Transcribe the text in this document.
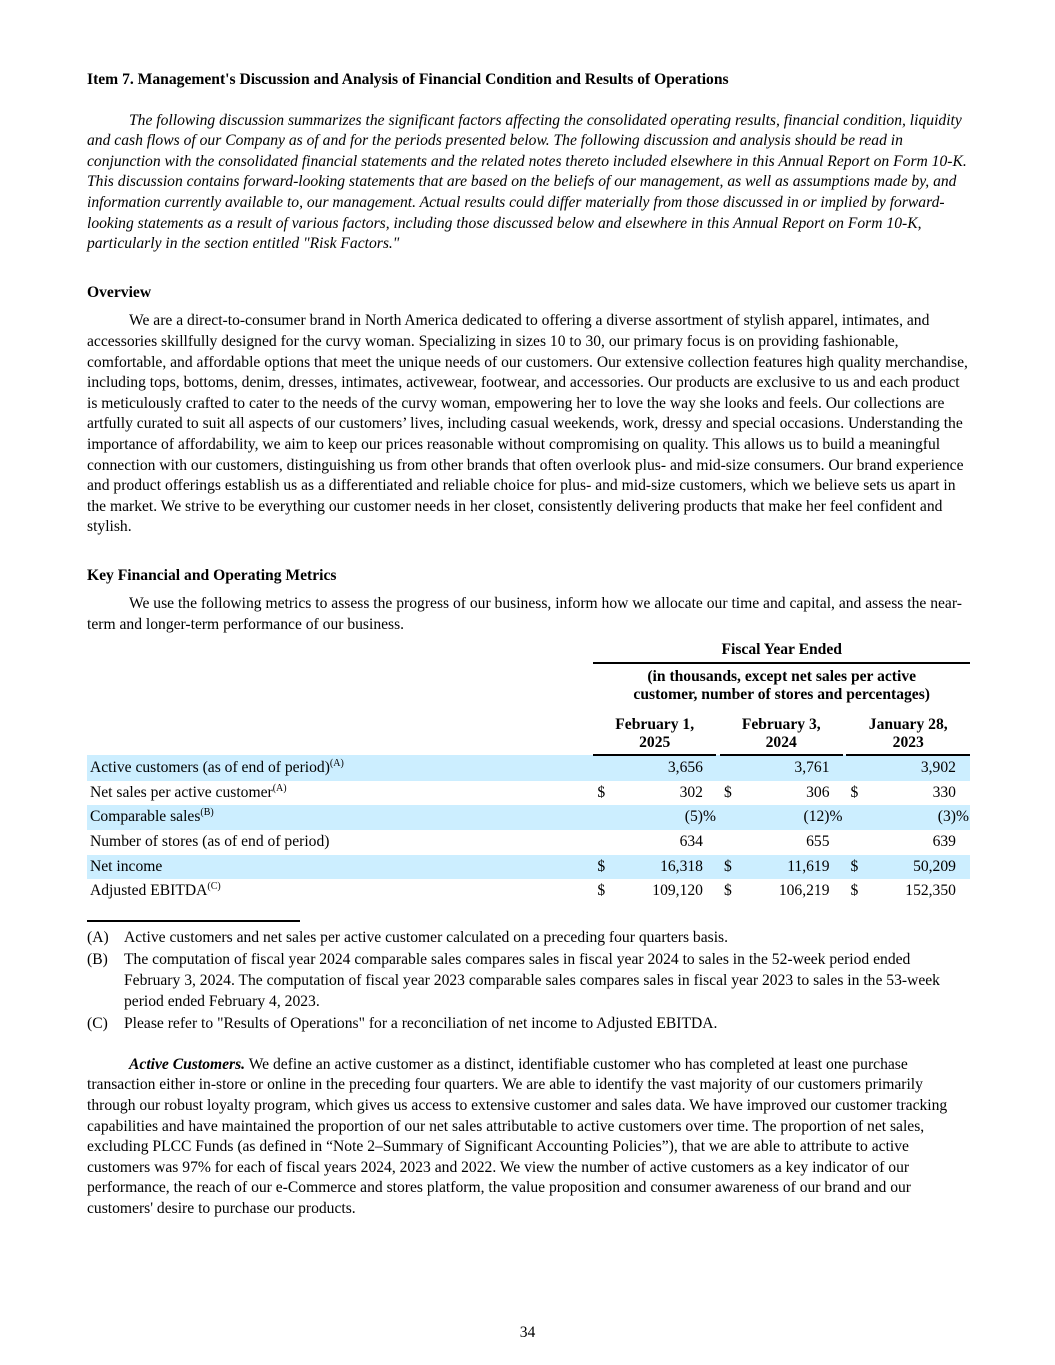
Item 7. Management's Discussion and Analysis of Financial Condition and Results of Operations

The following discussion summarizes the significant factors affecting the consolidated operating results, financial condition, liquidity and cash flows of our Company as of and for the periods presented below. The following discussion and analysis should be read in conjunction with the consolidated financial statements and the related notes thereto included elsewhere in this Annual Report on Form 10-K. This discussion contains forward-looking statements that are based on the beliefs of our management, as well as assumptions made by, and information currently available to, our management. Actual results could differ materially from those discussed in or implied by forward-looking statements as a result of various factors, including those discussed below and elsewhere in this Annual Report on Form 10-K, particularly in the section entitled "Risk Factors."

Overview

We are a direct-to-consumer brand in North America dedicated to offering a diverse assortment of stylish apparel, intimates, and accessories skillfully designed for the curvy woman. Specializing in sizes 10 to 30, our primary focus is on providing fashionable, comfortable, and affordable options that meet the unique needs of our customers. Our extensive collection features high quality merchandise, including tops, bottoms, denim, dresses, intimates, activewear, footwear, and accessories. Our products are exclusive to us and each product is meticulously crafted to cater to the needs of the curvy woman, empowering her to love the way she looks and feels. Our collections are artfully curated to suit all aspects of our customers’ lives, including casual weekends, work, dressy and special occasions. Understanding the importance of affordability, we aim to keep our prices reasonable without compromising on quality. This allows us to build a meaningful connection with our customers, distinguishing us from other brands that often overlook plus- and mid-size consumers. Our brand experience and product offerings establish us as a differentiated and reliable choice for plus- and mid-size customers, which we believe sets us apart in the market. We strive to be everything our customer needs in her closet, consistently delivering products that make her feel confident and stylish.

Key Financial and Operating Metrics

We use the following metrics to assess the progress of our business, inform how we allocate our time and capital, and assess the near-term and longer-term performance of our business.

	Fiscal Year Ended										
	(in thousands, except net sales per active customer, number of stores and percentages)										
	February 1, 2025				February 3, 2024				January 28, 2023		
Active customers (as of end of period)$^{(A)}$		3,656				3,761				3,902	
Net sales per active customer$^{(A)}$	$	302			$	306			$	330	
Comparable sales$^{(B)}$		(5)	%			(12)	%			(3)	%
Number of stores (as of end of period)		634				655				639	
Net income	$	16,318			$	11,619			$	50,209	
Adjusted $EBITDA^{(C)}$	$	109,120			$	106,219			$	152,350	
(A) Active customers and net sales per active customer calculated on a preceding four quarters basis.
(B)	The computation of fiscal year 2024 comparable sales compares sales in fiscal year 2024 to sales in the 52-week period ended February 3, 2024. The computation of fiscal year 2023 comparable sales compares sales in fiscal year 2023 to sales in the 53-week period ended February 4, 2023.
(C)	Please refer to "Results of Operations" for a reconciliation of net income to Adjusted EBITDA.

Active Customers. We define an active customer as a distinct, identifiable customer who has completed at least one purchase transaction either in-store or online in the preceding four quarters. We are able to identify the vast majority of our customers primarily through our robust loyalty program, which gives us access to extensive customer and sales data. We have improved our customer tracking capabilities and have maintained the proportion of our net sales attributable to active customers over time. The proportion of net sales, excluding PLCC Funds (as defined in “Note 2–Summary of Significant Accounting Policies”), that we are able to attribute to active customers was 97% for each of fiscal years 2024, 2023 and 2022. We view the number of active customers as a key indicator of our performance, the reach of our e-Commerce and stores platform, the value proposition and consumer awareness of our brand and our customers' desire to purchase our products.

34
